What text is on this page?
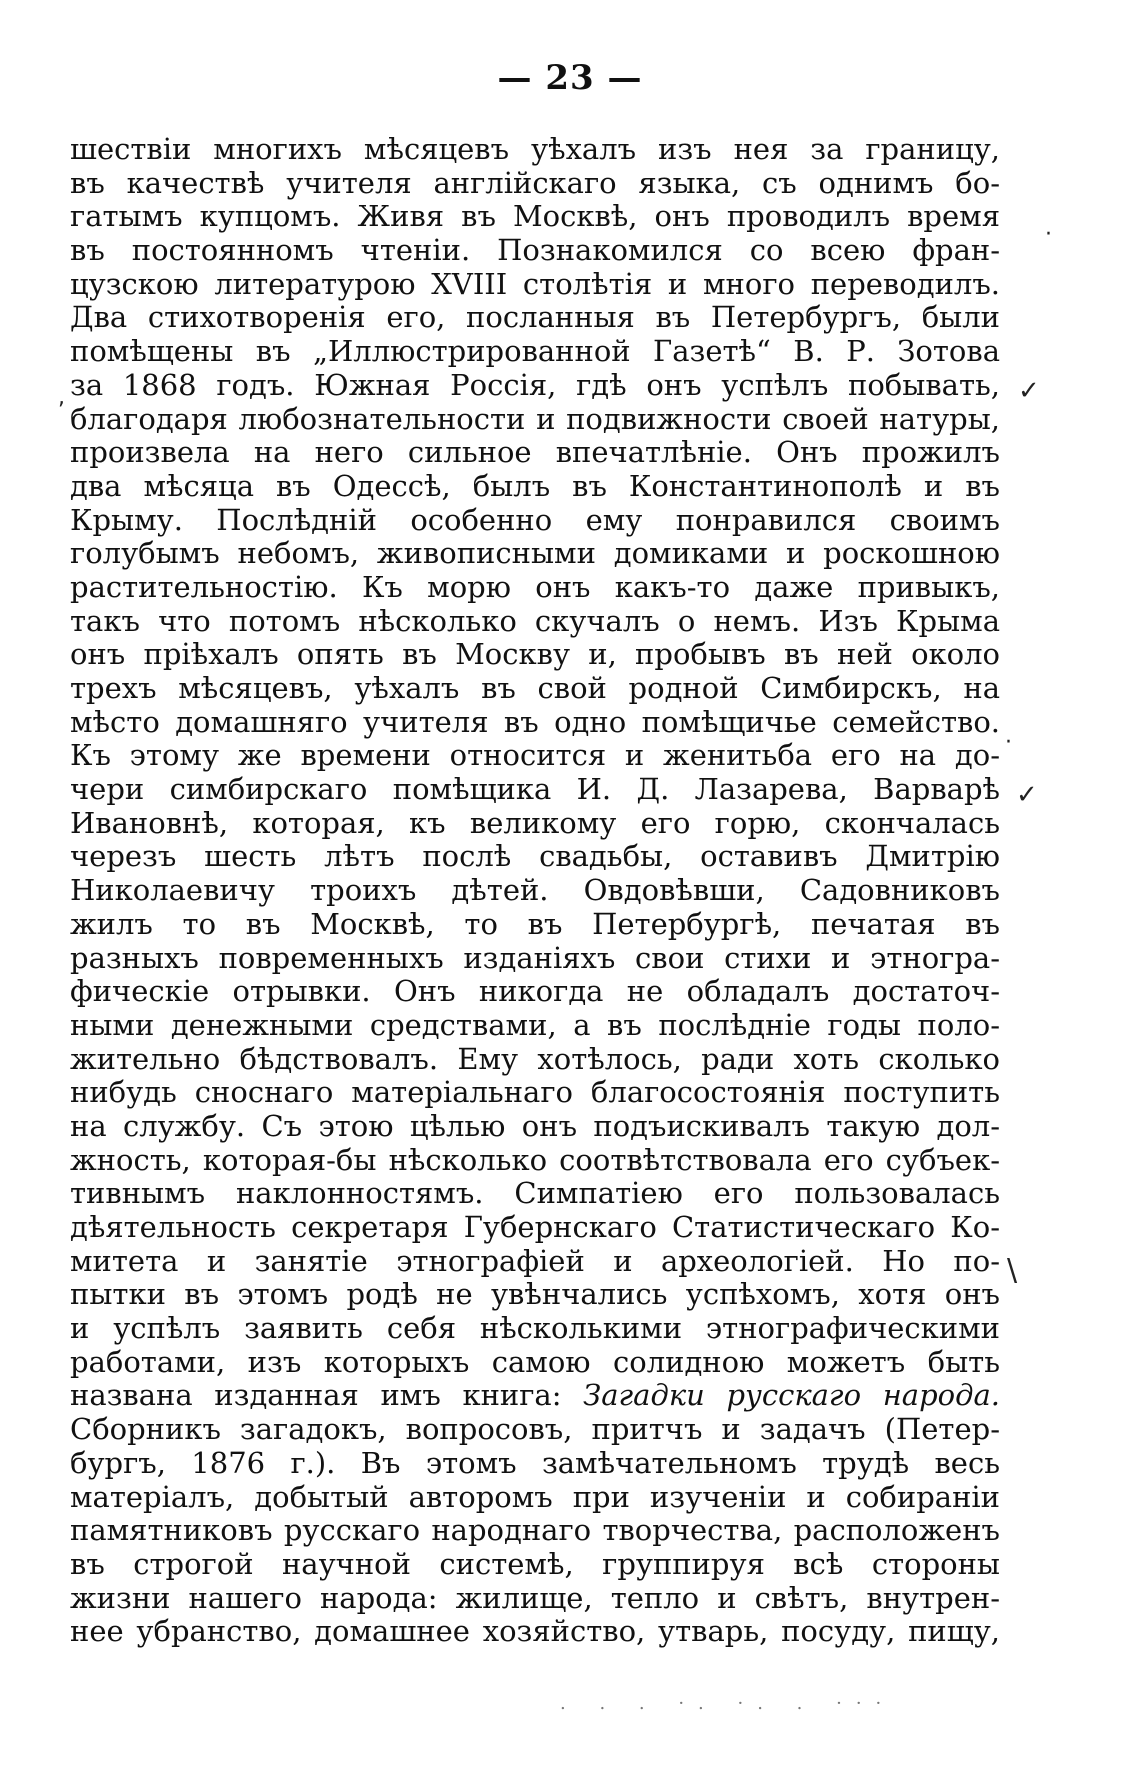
— 23 —
шествіи многихъ мѣсяцевъ уѣхалъ изъ нея за границу,
въ качествѣ учителя англійскаго языка, съ однимъ бо-
гатымъ купцомъ. Живя въ Москвѣ, онъ проводилъ время
въ постоянномъ чтеніи. Познакомился со всею фран-
цузскою литературою XVIII столѣтія и много переводилъ.
Два стихотворенія его, посланныя въ Петербургъ, были
помѣщены въ „Иллюстрированной Газетѣ“ В. Р. Зотова
за 1868 годъ. Южная Россія, гдѣ онъ успѣлъ побывать,
благодаря любознательности и подвижности своей натуры,
произвела на него сильное впечатлѣніе. Онъ прожилъ
два мѣсяца въ Одессѣ, былъ въ Константинополѣ и въ
Крыму. Послѣдній особенно ему понравился своимъ
голубымъ небомъ, живописными домиками и роскошною
растительностію. Къ морю онъ какъ-то даже привыкъ,
такъ что потомъ нѣсколько скучалъ о немъ. Изъ Крыма
онъ пріѣхалъ опять въ Москву и, пробывъ въ ней около
трехъ мѣсяцевъ, уѣхалъ въ свой родной Симбирскъ, на
мѣсто домашняго учителя въ одно помѣщичье семейство.
Къ этому же времени относится и женитьба его на до-
чери симбирскаго помѣщика И. Д. Лазарева, Варварѣ
Ивановнѣ, которая, къ великому его горю, скончалась
черезъ шесть лѣтъ послѣ свадьбы, оставивъ Дмитрію
Николаевичу троихъ дѣтей. Овдовѣвши, Садовниковъ
жилъ то въ Москвѣ, то въ Петербургѣ, печатая въ
разныхъ повременныхъ изданіяхъ свои стихи и этногра-
фическіе отрывки. Онъ никогда не обладалъ достаточ-
ными денежными средствами, а въ послѣдніе годы поло-
жительно бѣдствовалъ. Ему хотѣлось, ради хоть сколько
нибудь сноснаго матеріальнаго благосостоянія поступить
на службу. Съ этою цѣлью онъ подъискивалъ такую дол-
жность, которая-бы нѣсколько соотвѣтствовала его субъек-
тивнымъ наклонностямъ. Симпатіею его пользовалась
дѣятельность секретаря Губернскаго Статистическаго Ко-
митета и занятіе этнографіей и археологіей. Но по-
пытки въ этомъ родѣ не увѣнчались успѣхомъ, хотя онъ
и успѣлъ заявить себя нѣсколькими этнографическими
работами, изъ которыхъ самою солидною можетъ быть
названа изданная имъ книга: Загадки русскаго народа.
Сборникъ загадокъ, вопросовъ, притчъ и задачъ (Петер-
бургъ, 1876 г.). Въ этомъ замѣчательномъ трудѣ весь
матеріалъ, добытый авторомъ при изученіи и собираніи
памятниковъ русскаго народнаго творчества, расположенъ
въ строгой научной системѣ, группируя всѣ стороны
жизни нашего народа: жилище, тепло и свѣтъ, внутрен-
нее убранство, домашнее хозяйство, утварь, посуду, пищу,
·
,	✓
·
✓
\
. . . ·. ·. . ···
